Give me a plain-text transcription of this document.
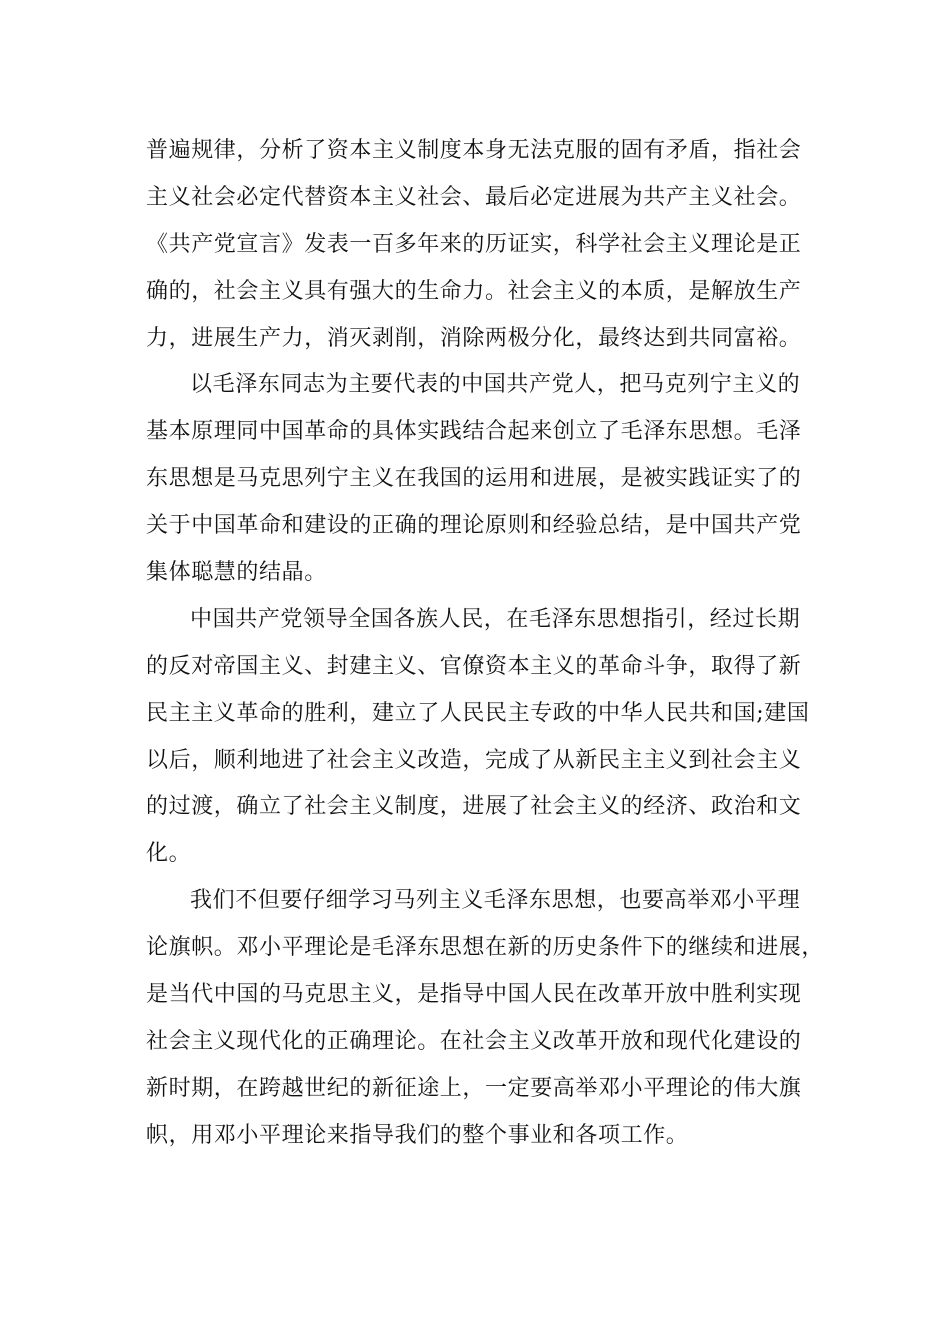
普遍规律，分析了资本主义制度本身无法克服的固有矛盾，指社会
主义社会必定代替资本主义社会、最后必定进展为共产主义社会。
《共产党宣言》发表一百多年来的历证实，科学社会主义理论是正
确的，社会主义具有强大的生命力。社会主义的本质，是解放生产
力，进展生产力，消灭剥削，消除两极分化，最终达到共同富裕。
以毛泽东同志为主要代表的中国共产党人，把马克列宁主义的
基本原理同中国革命的具体实践结合起来创立了毛泽东思想。毛泽
东思想是马克思列宁主义在我国的运用和进展，是被实践证实了的
关于中国革命和建设的正确的理论原则和经验总结，是中国共产党
集体聪慧的结晶。
中国共产党领导全国各族人民，在毛泽东思想指引，经过长期
的反对帝国主义、封建主义、官僚资本主义的革命斗争，取得了新
民主主义革命的胜利，建立了人民民主专政的中华人民共和国;建国
以后，顺利地进了社会主义改造，完成了从新民主主义到社会主义
的过渡，确立了社会主义制度，进展了社会主义的经济、政治和文
化。
我们不但要仔细学习马列主义毛泽东思想，也要高举邓小平理
论旗帜。邓小平理论是毛泽东思想在新的历史条件下的继续和进展，
是当代中国的马克思主义，是指导中国人民在改革开放中胜利实现
社会主义现代化的正确理论。在社会主义改革开放和现代化建设的
新时期，在跨越世纪的新征途上，一定要高举邓小平理论的伟大旗
帜，用邓小平理论来指导我们的整个事业和各项工作。
